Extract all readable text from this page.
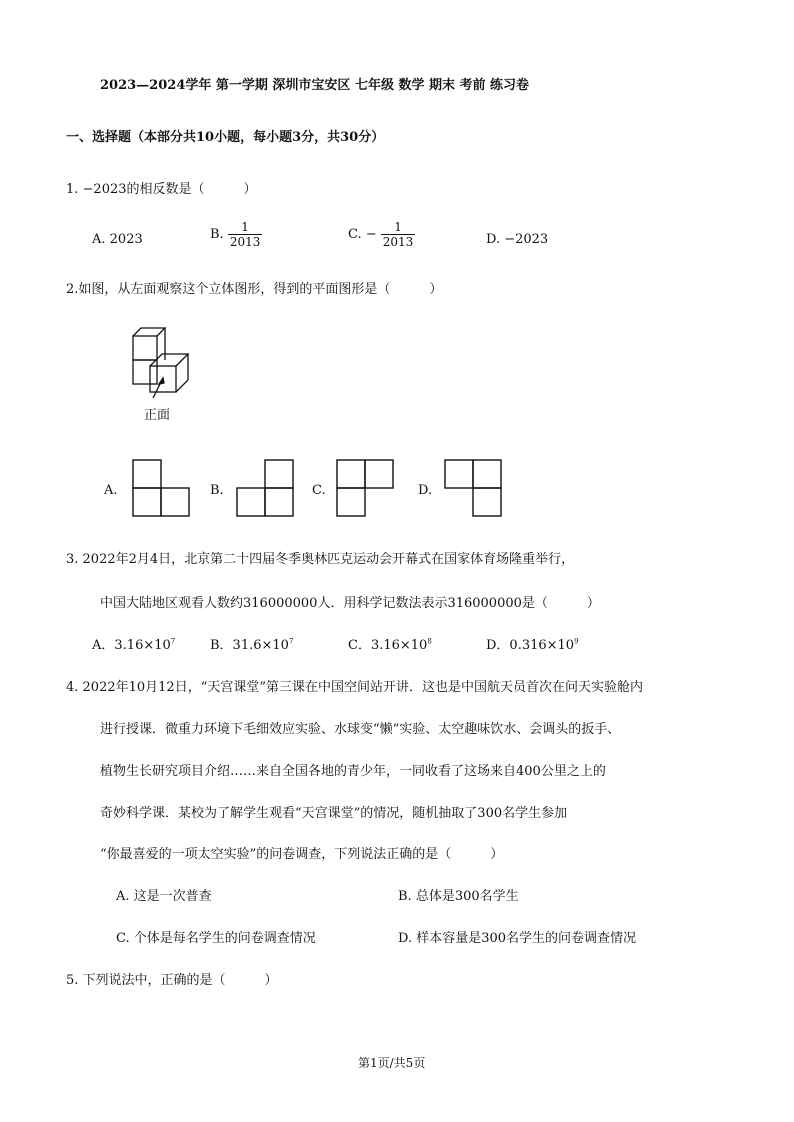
2023—2024学年 第一学期 深圳市宝安区 七年级 数学 期末 考前 练习卷
一、选择题（本部分共10小题，每小题3分，共30分）
1. −2023的相反数是（　　　）
A. 2023	B. $\frac{1}{2013}$	C. − $\frac{1}{2013}$	D. −2023
2.如图，从左面观察这个立体图形，得到的平面图形是（　　　）
正面
A.	B.	C.	D.
3. 2022年2月4日，北京第二十四届冬季奥林匹克运动会开幕式在国家体育场隆重举行，
中国大陆地区观看人数约316000000人．用科学记数法表示316000000是（　　　）
A．$3.16\times 10^7$	B．$31.6\times 10^7$	C．$3.16\times 10^8$	D．$0.316\times 10^9$
4. 2022年10月12日，“天宫课堂”第三课在中国空间站开讲．这也是中国航天员首次在问天实验舱内
进行授课．微重力环境下毛细效应实验、水球变“懒”实验、太空趣味饮水、会调头的扳手、
植物生长研究项目介绍……来自全国各地的青少年，一同收看了这场来自400公里之上的
奇妙科学课．某校为了解学生观看“天宫课堂”的情况，随机抽取了300名学生参加
“你最喜爱的一项太空实验”的问卷调查，下列说法正确的是（　　　）
A. 这是一次普查	B. 总体是300名学生
C. 个体是每名学生的问卷调查情况	D. 样本容量是300名学生的问卷调查情况
5. 下列说法中，正确的是（　　　）
第1页/共5页
